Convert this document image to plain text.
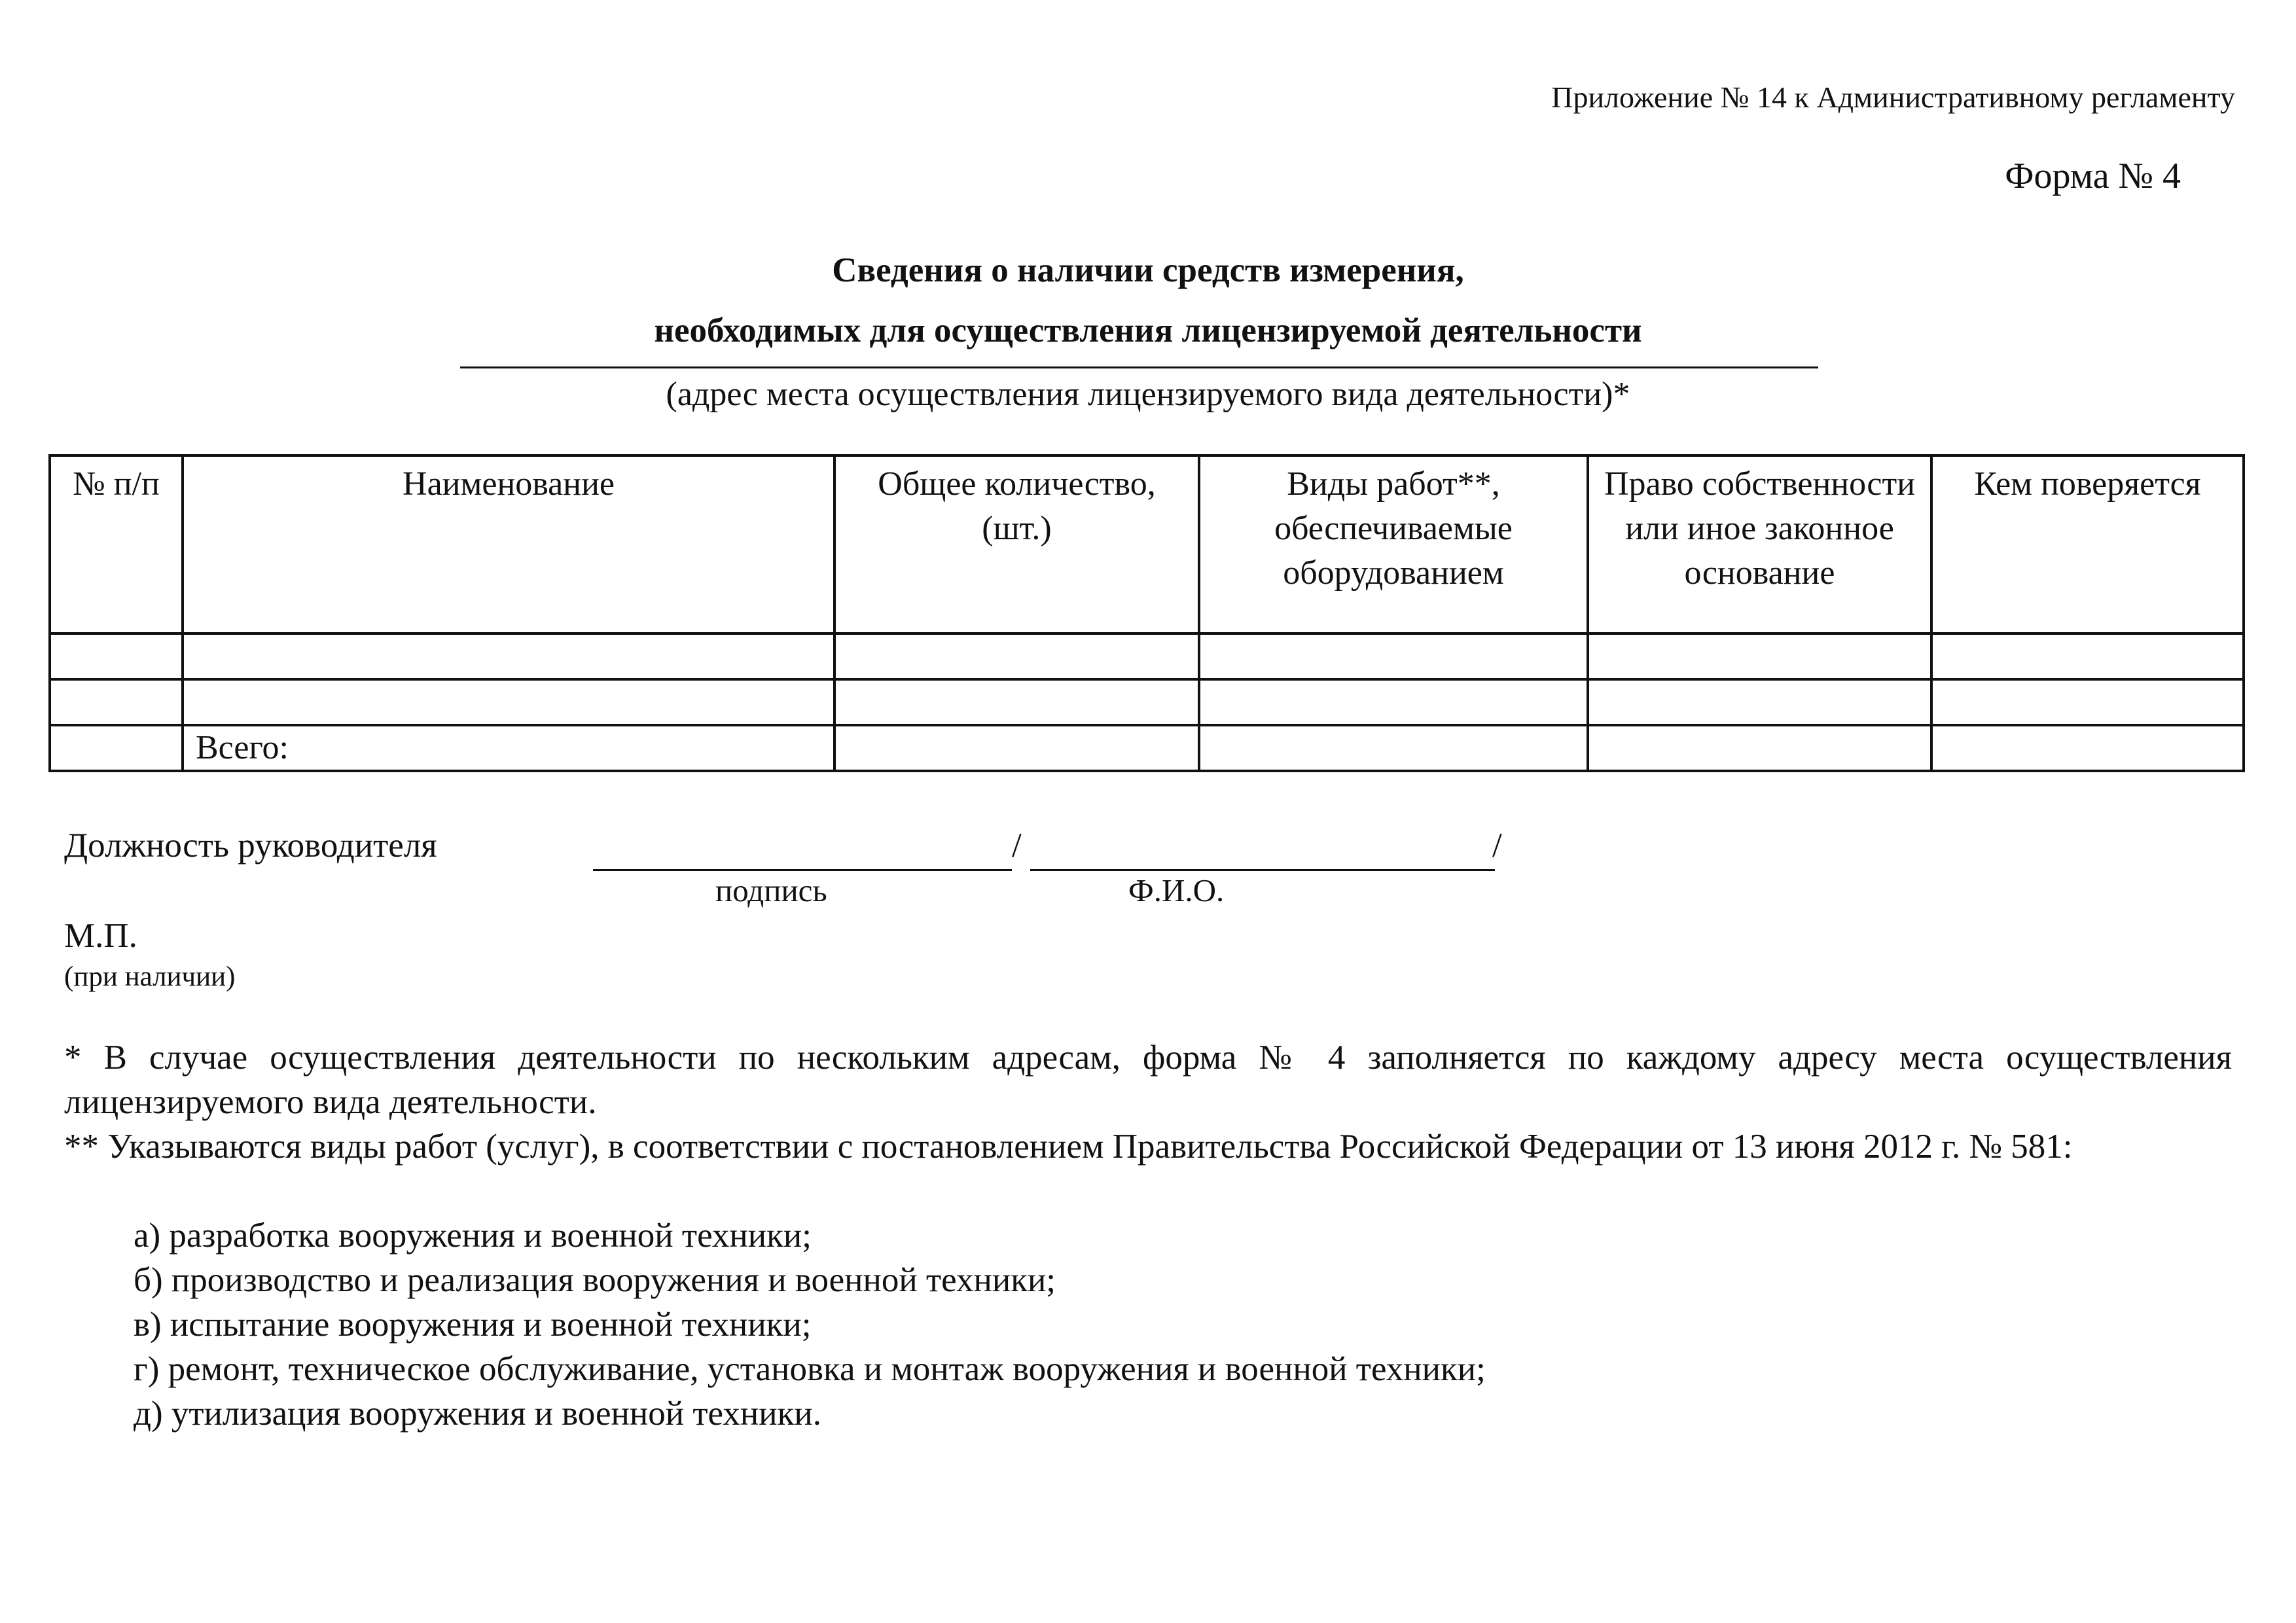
Приложение № 14 к Административному регламенту
Форма № 4
Сведения о наличии средств измерения,
необходимых для осуществления лицензируемой деятельности
(адрес места осуществления лицензируемого вида деятельности)*
№ п/п	Наименование	Общее количество, (шт.)	Виды работ**, обеспечиваемые оборудованием	Право собственности или иное законное основание	Кем поверяется

	Всего:				
Должность руководителя	/	/
подпись	Ф.И.О.
М.П.
(при наличии)
* В случае осуществления деятельности по нескольким адресам, форма № 4 заполняется по каждому адресу места осуществления лицензируемого вида деятельности.
** Указываются виды работ (услуг), в соответствии с постановлением Правительства Российской Федерации от 13 июня 2012 г. № 581:
а) разработка вооружения и военной техники;
б) производство и реализация вооружения и военной техники;
в) испытание вооружения и военной техники;
г) ремонт, техническое обслуживание, установка и монтаж вооружения и военной техники;
д) утилизация вооружения и военной техники.
